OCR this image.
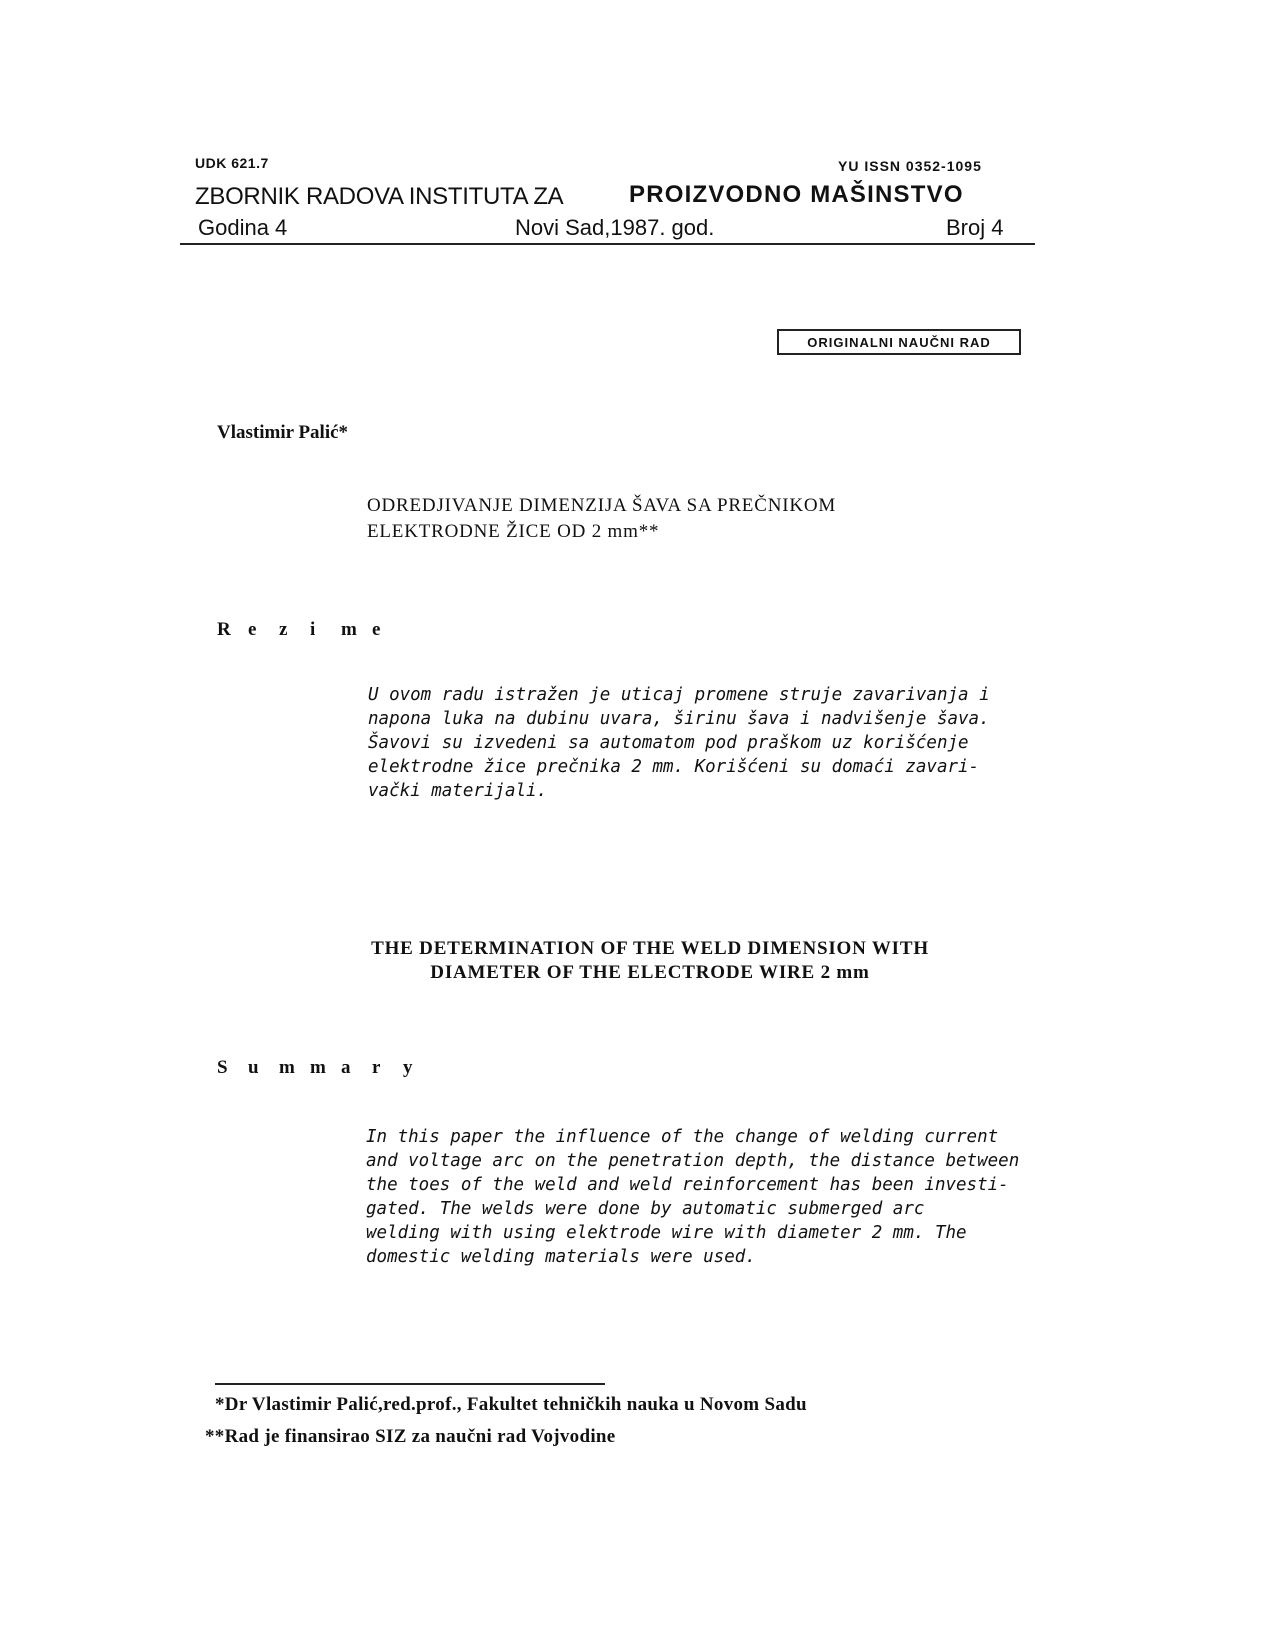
UDK 621.7	YU ISSN 0352-1095
ZBORNIK RADOVA INSTITUTA ZA	PROIZVODNO MAŠINSTVO
Godina 4	Novi Sad,1987. god.	Broj 4
ORIGINALNI NAUČNI RAD
Vlastimir Palić*
ODREDJIVANJE DIMENZIJA ŠAVA SA PREČNIKOM
ELEKTRODNE ŽICE OD 2 mm**
R e z i m e
U ovom radu istražen je uticaj promene struje zavarivanja i
napona luka na dubinu uvara, širinu šava i nadvišenje šava.
Šavovi su izvedeni sa automatom pod praškom uz korišćenje
elektrodne žice prečnika 2 mm. Korišćeni su domaći zavari-
vački materijali.
THE DETERMINATION OF THE WELD DIMENSION WITH
DIAMETER OF THE ELECTRODE WIRE 2 mm
S u m m a r y
In this paper the influence of the change of welding current
and voltage arc on the penetration depth, the distance between
the toes of the weld and weld reinforcement has been investi-
gated. The welds were done by automatic submerged arc
welding with using elektrode wire with diameter 2 mm. The
domestic welding materials were used.
*Dr Vlastimir Palić,red.prof., Fakultet tehničkih nauka u Novom Sadu
**Rad je finansirao SIZ za naučni rad Vojvodine
